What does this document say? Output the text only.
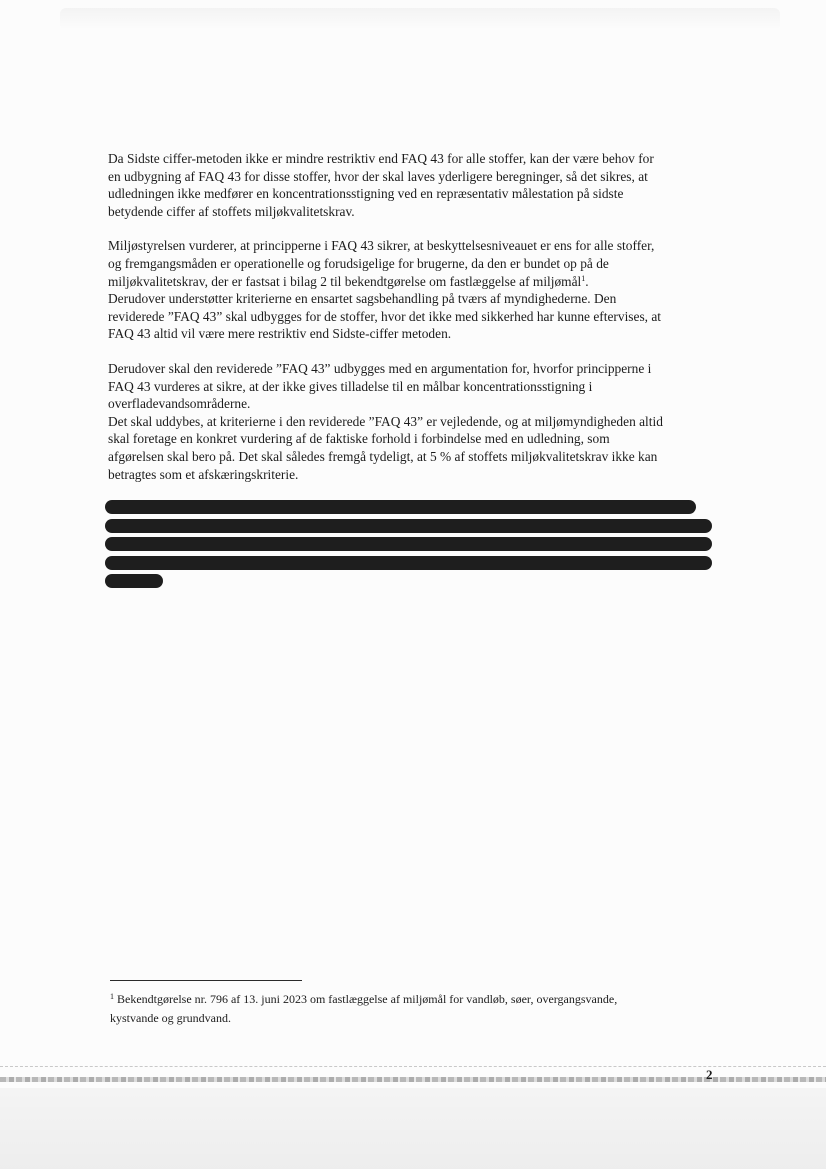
Da Sidste ciffer-metoden ikke er mindre restriktiv end FAQ 43 for alle stoffer, kan der være behov for
en udbygning af FAQ 43 for disse stoffer, hvor der skal laves yderligere beregninger, så det sikres, at
udledningen ikke medfører en koncentrationsstigning ved en repræsentativ målestation på sidste
betydende ciffer af stoffets miljøkvalitetskrav.

Miljøstyrelsen vurderer, at principperne i FAQ 43 sikrer, at beskyttelsesniveauet er ens for alle stoffer,
og fremgangsmåden er operationelle og forudsigelige for brugerne, da den er bundet op på de
miljøkvalitetskrav, der er fastsat i bilag 2 til bekendtgørelse om fastlæggelse af miljømål$^1$.
Derudover understøtter kriterierne en ensartet sagsbehandling på tværs af myndighederne. Den
reviderede ”FAQ 43” skal udbygges for de stoffer, hvor det ikke med sikkerhed har kunne eftervises, at
FAQ 43 altid vil være mere restriktiv end Sidste-ciffer metoden.

Derudover skal den reviderede ”FAQ 43” udbygges med en argumentation for, hvorfor principperne i
FAQ 43 vurderes at sikre, at der ikke gives tilladelse til en målbar koncentrationsstigning i
overfladevandsområderne.
Det skal uddybes, at kriterierne i den reviderede ”FAQ 43” er vejledende, og at miljømyndigheden altid
skal foretage en konkret vurdering af de faktiske forhold i forbindelse med en udledning, som
afgørelsen skal bero på. Det skal således fremgå tydeligt, at 5 % af stoffets miljøkvalitetskrav ikke kan
betragtes som et afskæringskriterie.

$^1$ Bekendtgørelse nr. 796 af 13. juni 2023 om fastlæggelse af miljømål for vandløb, søer, overgangsvande,
kystvande og grundvand.
2
